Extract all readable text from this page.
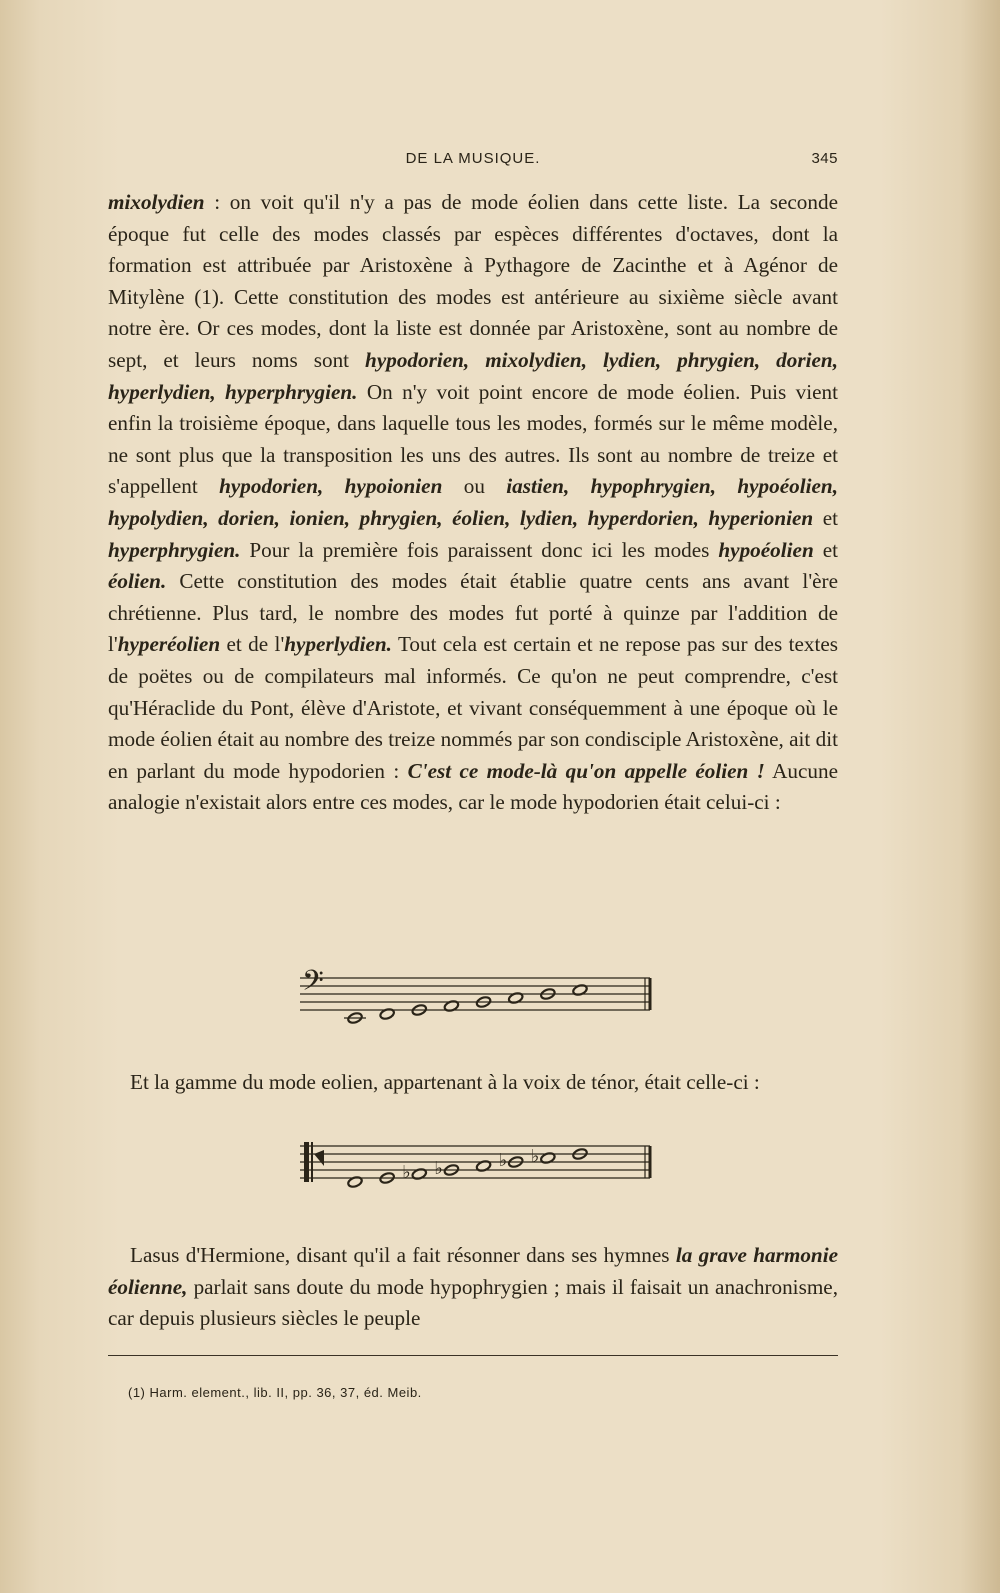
DE LA MUSIQUE.	345
mixolydien : on voit qu'il n'y a pas de mode éolien dans cette liste. La seconde époque fut celle des modes classés par espèces différentes d'octaves, dont la formation est attribuée par Aristoxène à Pythagore de Zacinthe et à Agénor de Mitylène (1). Cette constitution des modes est antérieure au sixième siècle avant notre ère. Or ces modes, dont la liste est donnée par Aristoxène, sont au nombre de sept, et leurs noms sont hypodorien, mixolydien, lydien, phrygien, dorien, hyperlydien, hyperphrygien. On n'y voit point encore de mode éolien. Puis vient enfin la troisième époque, dans laquelle tous les modes, formés sur le même modèle, ne sont plus que la transposition les uns des autres. Ils sont au nombre de treize et s'appellent hypodorien, hypoionien ou iastien, hypophrygien, hypoéolien, hypolydien, dorien, ionien, phrygien, éolien, lydien, hyperdorien, hyperionien et hyperphrygien. Pour la première fois paraissent donc ici les modes hypoéolien et éolien. Cette constitution des modes était établie quatre cents ans avant l'ère chrétienne. Plus tard, le nombre des modes fut porté à quinze par l'addition de l'hyperéolien et de l'hyperlydien. Tout cela est certain et ne repose pas sur des textes de poëtes ou de compilateurs mal informés. Ce qu'on ne peut comprendre, c'est qu'Héraclide du Pont, élève d'Aristote, et vivant conséquemment à une époque où le mode éolien était au nombre des treize nommés par son condisciple Aristoxène, ait dit en parlant du mode hypodorien : C'est ce mode-là qu'on appelle éolien ! Aucune analogie n'existait alors entre ces modes, car le mode hypodorien était celui-ci :
𝄢
Et la gamme du mode eolien, appartenant à la voix de ténor, était celle-ci :
♭ ♭	♭ ♭
Lasus d'Hermione, disant qu'il a fait résonner dans ses hymnes la grave harmonie éolienne, parlait sans doute du mode hypophrygien ; mais il faisait un anachronisme, car depuis plusieurs siècles le peuple
(1) Harm. element., lib. II, pp. 36, 37, éd. Meib.
